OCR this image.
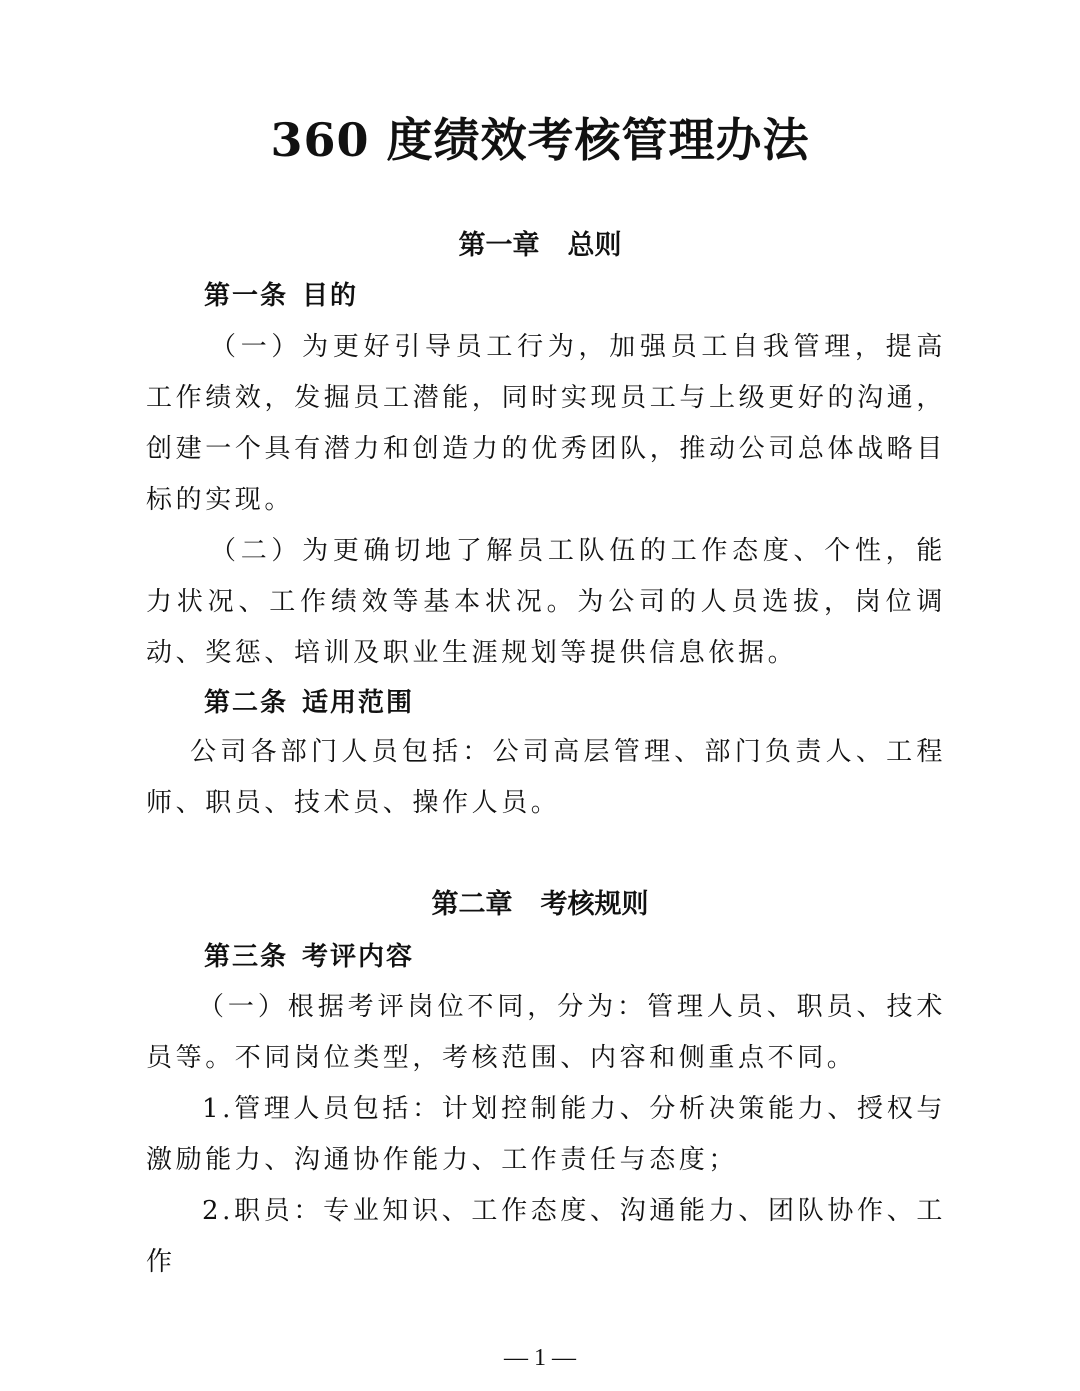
360 度绩效考核管理办法
第一章 总则
第一条 目的

（一）为更好引导员工行为，加强员工自我管理，提高工作绩效，发掘员工潜能，同时实现员工与上级更好的沟通，创建一个具有潜力和创造力的优秀团队，推动公司总体战略目标的实现。

（二）为更确切地了解员工队伍的工作态度、个性，能力状况、工作绩效等基本状况。为公司的人员选拔，岗位调动、奖惩、培训及职业生涯规划等提供信息依据。

第二条 适用范围

公司各部门人员包括：公司高层管理、部门负责人、工程师、职员、技术员、操作人员。

第二章 考核规则
第三条 考评内容

（一）根据考评岗位不同，分为：管理人员、职员、技术员等。不同岗位类型，考核范围、内容和侧重点不同。

1.管理人员包括：计划控制能力、分析决策能力、授权与激励能力、沟通协作能力、工作责任与态度；

2.职员：专业知识、工作态度、沟通能力、团队协作、工作

— 1 —
